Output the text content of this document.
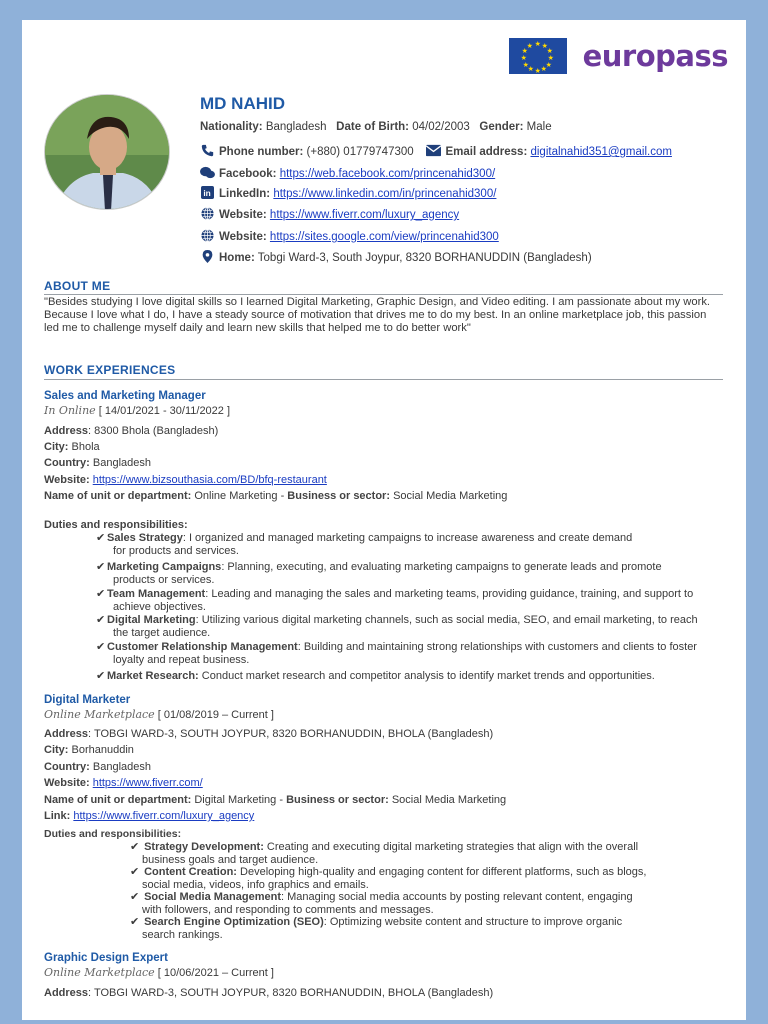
★ ★
★
★
★
★
★
★
★
★
★
★ europass
MD NAHID
Nationality: Bangladesh Date of Birth: 04/02/2003 Gender: Male
Phone number: (+880) 01779747300	Email address: digitalnahid351@gmail.com
Facebook: https://web.facebook.com/princenahid300/
in LinkedIn: https://www.linkedin.com/in/princenahid300/
Website: https://www.fiverr.com/luxury_agency
Website: https://sites.google.com/view/princenahid300
Home: Tobgi Ward-3, South Joypur, 8320 BORHANUDDIN (Bangladesh)
ABOUT ME
"Besides studying I love digital skills so I learned Digital Marketing, Graphic Design, and Video editing. I am passionate about my work. Because I love what I do, I have a steady source of motivation that drives me to do my best. In an online marketplace job, this passion led me to challenge myself daily and learn new skills that helped me to do better work"
WORK EXPERIENCES
Sales and Marketing Manager
In Online [ 14/01/2021 - 30/11/2022 ]
Address: 8300 Bhola (Bangladesh)
City: Bhola
Country: Bangladesh
Website: https://www.bizsouthasia.com/BD/bfq-restaurant
Name of unit or department: Online Marketing - Business or sector: Social Media Marketing
Duties and responsibilities:
✔ Sales Strategy: I organized and managed marketing campaigns to increase awareness and create demand
for products and services.
✔ Marketing Campaigns: Planning, executing, and evaluating marketing campaigns to generate leads and promote
products or services.
✔ Team Management: Leading and managing the sales and marketing teams, providing guidance, training, and support to
achieve objectives.
✔ Digital Marketing: Utilizing various digital marketing channels, such as social media, SEO, and email marketing, to reach
the target audience.
✔ Customer Relationship Management: Building and maintaining strong relationships with customers and clients to foster
loyalty and repeat business.
✔ Market Research: Conduct market research and competitor analysis to identify market trends and opportunities.
Digital Marketer
Online Marketplace [ 01/08/2019 – Current ]
Address: TOBGI WARD-3, SOUTH JOYPUR, 8320 BORHANUDDIN, BHOLA (Bangladesh)
City: Borhanuddin
Country: Bangladesh
Website: https://www.fiverr.com/
Name of unit or department: Digital Marketing - Business or sector: Social Media Marketing
Link: https://www.fiverr.com/luxury_agency
Duties and responsibilities:
✔ Strategy Development: Creating and executing digital marketing strategies that align with the overall
business goals and target audience.
✔ Content Creation: Developing high-quality and engaging content for different platforms, such as blogs,
social media, videos, info graphics and emails.
✔ Social Media Management: Managing social media accounts by posting relevant content, engaging
with followers, and responding to comments and messages.
✔ Search Engine Optimization (SEO): Optimizing website content and structure to improve organic
search rankings.
Graphic Design Expert
Online Marketplace [ 10/06/2021 – Current ]
Address: TOBGI WARD-3, SOUTH JOYPUR, 8320 BORHANUDDIN, BHOLA (Bangladesh)
